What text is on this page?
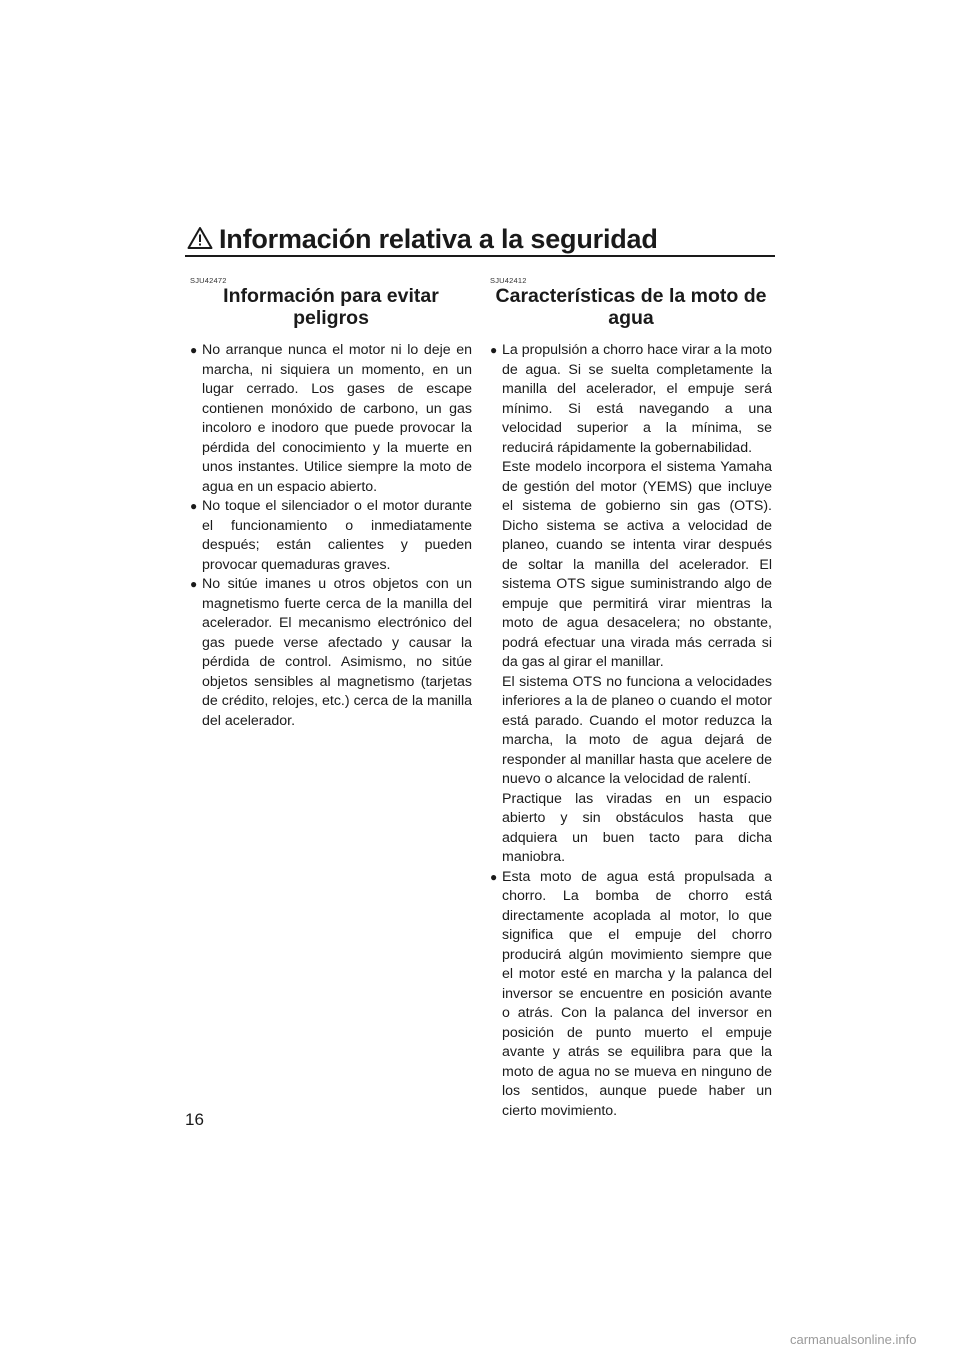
Información relativa a la seguridad
SJU42472
Información para evitar peligros
● No arranque nunca el motor ni lo deje en marcha, ni siquiera un momento, en un lugar cerrado. Los gases de escape contienen monóxido de carbono, un gas incoloro e inodoro que puede provocar la pérdida del conocimiento y la muerte en unos instantes. Utilice siempre la moto de agua en un espacio abierto.

● No toque el silenciador o el motor durante el funcionamiento o inmediatamente después; están calientes y pueden provocar quemaduras graves.

● No sitúe imanes u otros objetos con un magnetismo fuerte cerca de la manilla del acelerador. El mecanismo electrónico del gas puede verse afectado y causar la pérdida de control. Asimismo, no sitúe objetos sensibles al magnetismo (tarjetas de crédito, relojes, etc.) cerca de la manilla del acelerador.

SJU42412
Características de la moto de agua
● La propulsión a chorro hace virar a la moto de agua. Si se suelta completamente la manilla del acelerador, el empuje será mínimo. Si está navegando a una velocidad superior a la mínima, se reducirá rápidamente la gobernabilidad.

Este modelo incorpora el sistema Yamaha de gestión del motor (YEMS) que incluye el sistema de gobierno sin gas (OTS). Dicho sistema se activa a velocidad de planeo, cuando se intenta virar después de soltar la manilla del acelerador. El sistema OTS sigue suministrando algo de empuje que permitirá virar mientras la moto de agua desacelera; no obstante, podrá efectuar una virada más cerrada si da gas al girar el manillar.

El sistema OTS no funciona a velocidades inferiores a la de planeo o cuando el motor está parado. Cuando el motor reduzca la marcha, la moto de agua dejará de responder al manillar hasta que acelere de nuevo o alcance la velocidad de ralentí.

Practique las viradas en un espacio abierto y sin obstáculos hasta que adquiera un buen tacto para dicha maniobra.

● Esta moto de agua está propulsada a chorro. La bomba de chorro está directamente acoplada al motor, lo que significa que el empuje del chorro producirá algún movimiento siempre que el motor esté en marcha y la palanca del inversor se encuentre en posición avante o atrás. Con la palanca del inversor en posición de punto muerto el empuje avante y atrás se equilibra para que la moto de agua no se mueva en ninguno de los sentidos, aunque puede haber un cierto movimiento.

16
carmanualsonline.info
